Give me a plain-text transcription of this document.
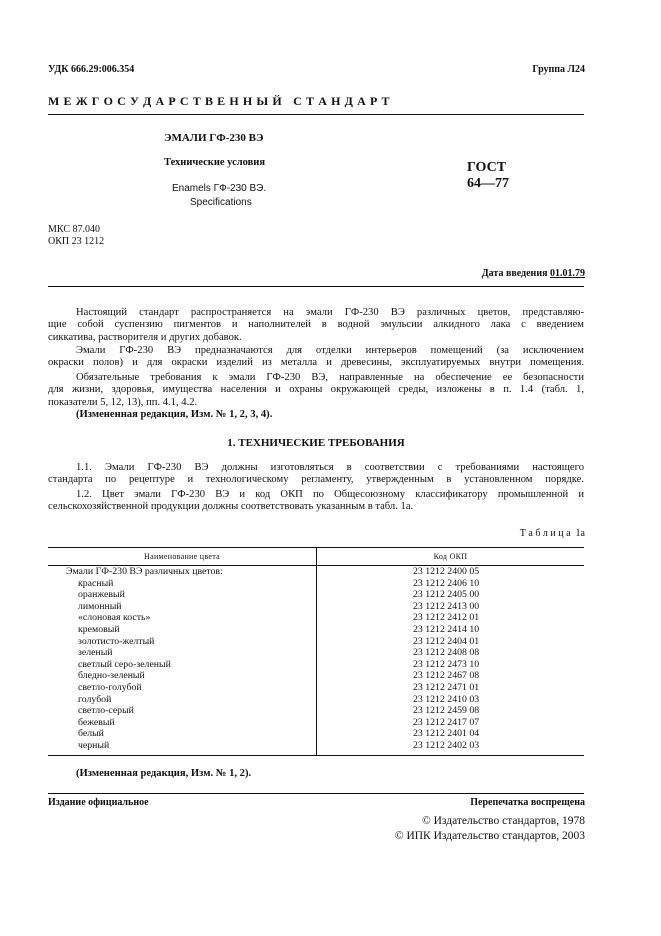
УДК 666.29:006.354	Группа Л24
М Е Ж Г О С У Д А Р С Т В Е Н Н Ы Й   С Т А Н Д А Р Т
ЭМАЛИ ГФ-230 ВЭ
Технические условия
Enamels ГФ-230 ВЭ.
Specifications
ГОСТ
64—77
МКС 87.040
ОКП 23 1212
Дата введения 01.01.79
Настоящий стандарт распространяется на эмали ГФ-230 ВЭ различных цветов, представляю-
щие собой суспензию пигментов и наполнителей в водной эмульсии алкидного лака с введением
сиккатива, растворителя и других добавок.
Эмали ГФ-230 ВЭ предназначаются для отделки интерьеров помещений (за исключением
окраски полов) и для окраски изделий из металла и древесины, эксплуатируемых внутри помещения.
Обязательные требования к эмали ГФ-230 ВЭ, направленные на обеспечение ее безопасности
для жизни, здоровья, имущества населения и охраны окружающей среды, изложены в п. 1.4 (табл. 1,
показатели 5, 12, 13), пп. 4.1, 4.2.
(Измененная редакция, Изм. № 1, 2, 3, 4).
1. ТЕХНИЧЕСКИЕ ТРЕБОВАНИЯ
1.1. Эмали ГФ-230 ВЭ должны изготовляться в соответствии с требованиями настоящего
стандарта по рецептуре и технологическому регламенту, утвержденным в установленном порядке.
1.2. Цвет эмали ГФ-230 ВЭ и код ОКП по Общесоюзному классификатору промышленной и
сельскохозяйственной продукции должны соответствовать указанным в табл. 1а.
Т а б л и ц а  1а
Наименование цвета	Код ОКП
Эмали ГФ-230 ВЭ различных цветов:	23 1212 2400 05
красный	23 1212 2406 10
оранжевый	23 1212 2405 00
лимонный	23 1212 2413 00
«слоновая кость»	23 1212 2412 01
кремовый	23 1212 2414 10
золотисто-желтый	23 1212 2404 01
зеленый	23 1212 2408 08
светлый серо-зеленый	23 1212 2473 10
бледно-зеленый	23 1212 2467 08
светло-голубой	23 1212 2471 01
голубой	23 1212 2410 03
светло-серый	23 1212 2459 08
бежевый	23 1212 2417 07
белый	23 1212 2401 04
черный	23 1212 2402 03
(Измененная редакция, Изм. № 1, 2).
Издание официальное	Перепечатка воспрещена
© Издательство стандартов, 1978
© ИПК Издательство стандартов, 2003
